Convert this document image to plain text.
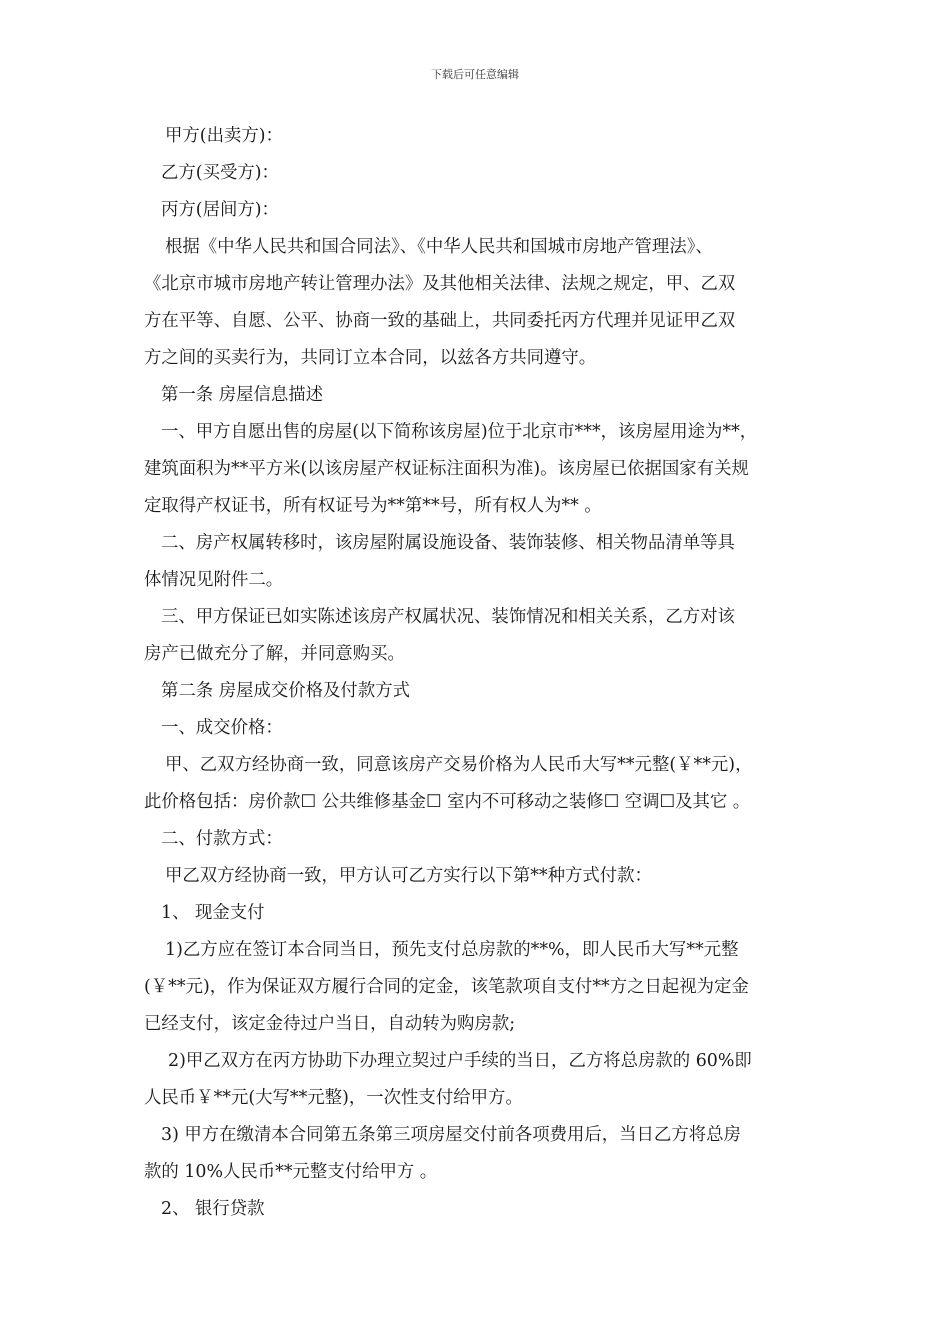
下载后可任意编辑

甲方(出卖方)：

乙方(买受方)：

丙方(居间方)：

根据《中华人民共和国合同法》、《中华人民共和国城市房地产管理法》、

《北京市城市房地产转让管理办法》及其他相关法律、法规之规定，甲、乙双

方在平等、自愿、公平、协商一致的基础上，共同委托丙方代理并见证甲乙双

方之间的买卖行为，共同订立本合同，以兹各方共同遵守。

第一条 房屋信息描述

一、甲方自愿出售的房屋(以下简称该房屋)位于北京市***，该房屋用途为**，

建筑面积为**平方米(以该房屋产权证标注面积为准)。该房屋已依据国家有关规

定取得产权证书，所有权证号为**第**号，所有权人为** 。

二、房产权属转移时，该房屋附属设施设备、装饰装修、相关物品清单等具

体情况见附件二。

三、甲方保证已如实陈述该房产权属状况、装饰情况和相关关系，乙方对该

房产已做充分了解，并同意购买。

第二条 房屋成交价格及付款方式

一、成交价格：

甲、乙双方经协商一致，同意该房产交易价格为人民币大写**元整(￥**元)，

此价格包括：房价款☐ 公共维修基金☐ 室内不可移动之装修☐ 空调☐及其它 。

二、付款方式：

甲乙双方经协商一致，甲方认可乙方实行以下第**种方式付款：

1、 现金支付

1)乙方应在签订本合同当日，预先支付总房款的**%，即人民币大写**元整

(￥**元)，作为保证双方履行合同的定金，该笔款项自支付**方之日起视为定金

已经支付，该定金待过户当日，自动转为购房款;

2)甲乙双方在丙方协助下办理立契过户手续的当日，乙方将总房款的 60%即

人民币￥**元(大写**元整)，一次性支付给甲方。

3) 甲方在缴清本合同第五条第三项房屋交付前各项费用后，当日乙方将总房

款的 10%人民币**元整支付给甲方 。

2、 银行贷款
